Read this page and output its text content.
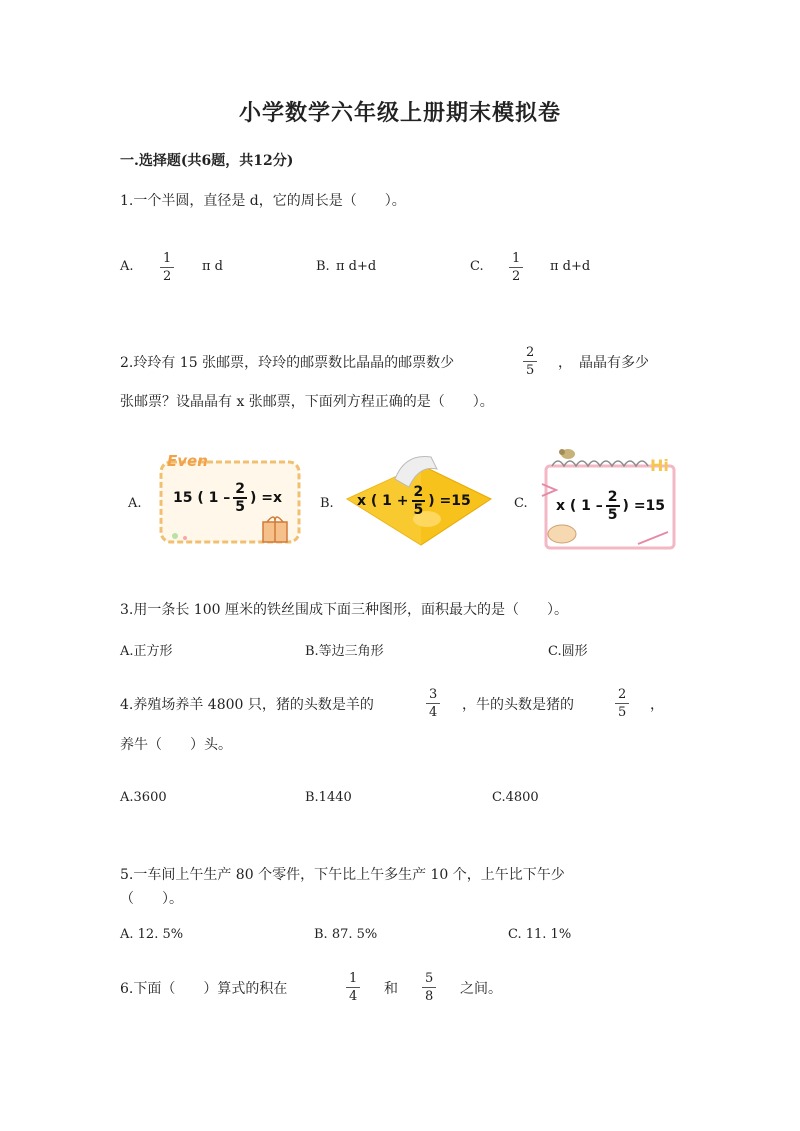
小学数学六年级上册期末模拟卷
一.选择题(共6题，共12分)
1.一个半圆，直径是 d，它的周长是（　　）。
A. $\frac{1}{2}$ π d	B. π d+d	C. $\frac{1}{2}$ π d+d
2.玲玲有 15 张邮票，玲玲的邮票数比晶晶的邮票数少	$\frac{2}{5}$ ，　晶晶有多少
张邮票？设晶晶有 x 张邮票，下面列方程正确的是（　　）。
A.
Even
15 ( $1 - \frac{2}{5}$ ) =x	B. x ( $1 + \frac{2}{5}$ ) =15	C.
Hi
x ( $1 - \frac{2}{5}$ ) =15
3.用一条长 100 厘米的铁丝围成下面三种图形，面积最大的是（　　）。
A.正方形	B.等边三角形	C.圆形
4.养殖场养羊 4800 只，猪的头数是羊的	$\frac{3}{4}$ ，牛的头数是猪的	$\frac{2}{5}$ ，
养牛（　　）头。
A.3600	B.1440	C.4800
5.一车间上午生产 80 个零件，下午比上午多生产 10 个，上午比下午少
（　　）。
A. 12. 5%	B. 87. 5%	C. 11. 1%
6.下面（　　）算式的积在	$\frac{1}{4}$ 和 $\frac{5}{8}$ 之间。
